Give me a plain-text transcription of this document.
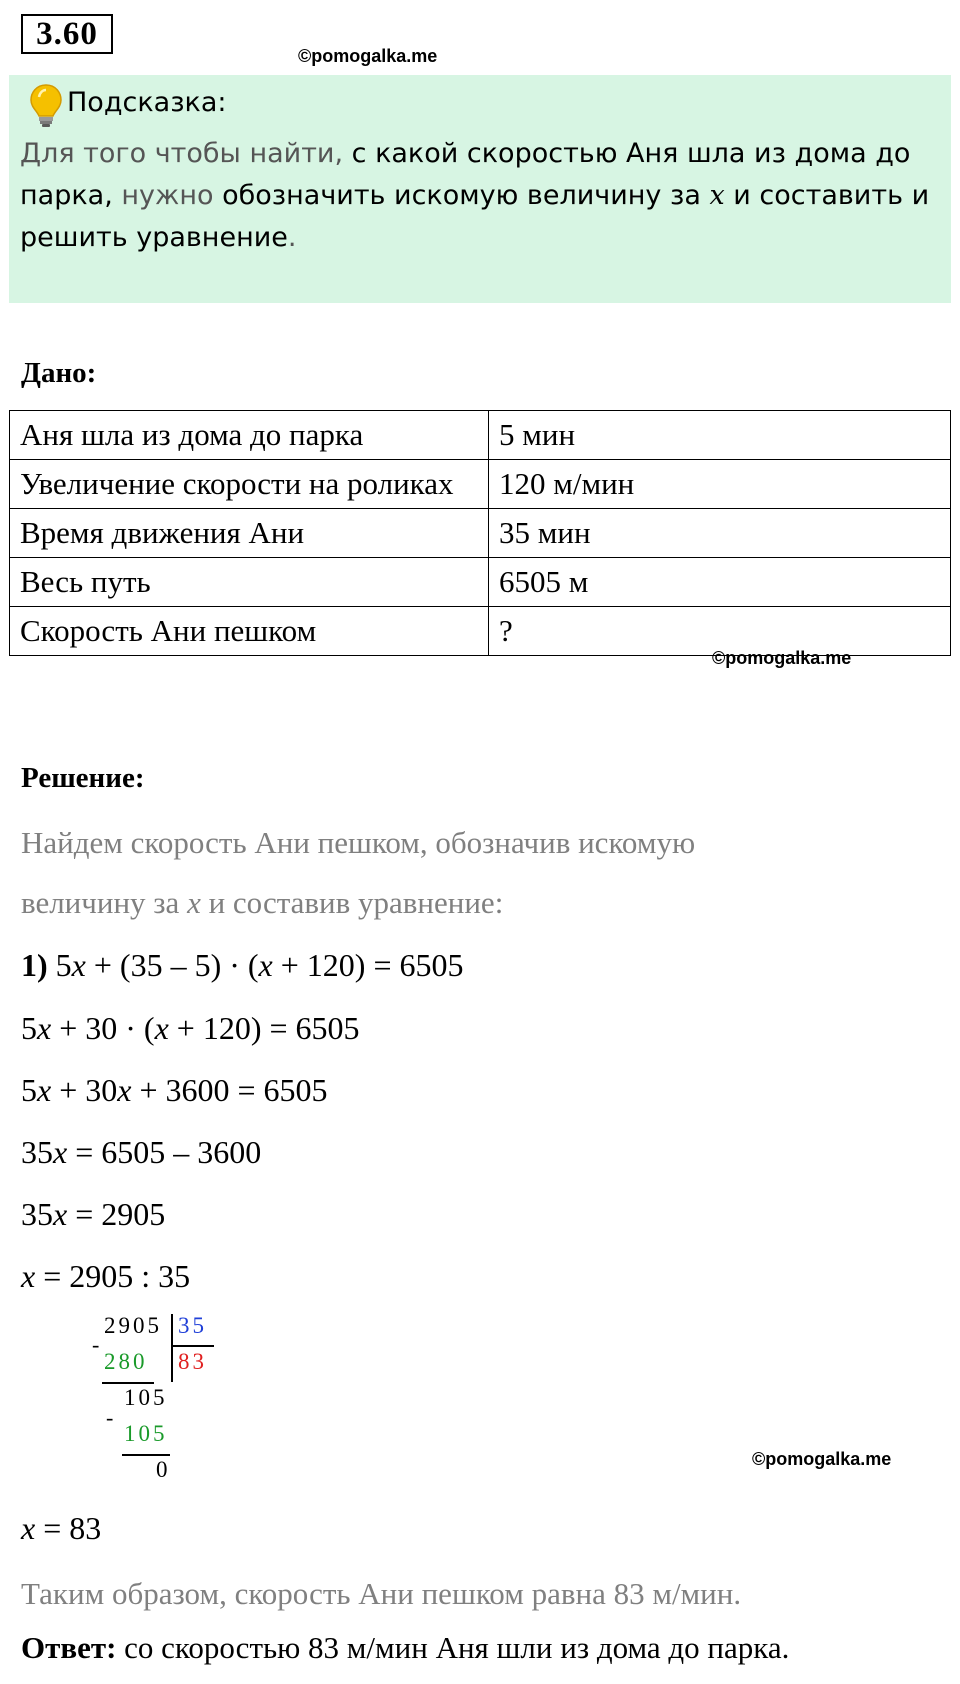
3.60
©pomogalka.me
Подсказка:
Для того чтобы найти, с какой скоростью Аня шла из дома до парка, нужно обозначить искомую величину за x и составить и решить уравнение.
Дано:
Аня шла из дома до парка	5 мин
Увеличение скорости на роликах	120 м/мин
Время движения Ани	35 мин
Весь путь	6505 м
Скорость Ани пешком	?
©pomogalka.me
Решение:
Найдем скорость Ани пешком, обозначив искомую
величину за x и составив уравнение:
1) 5x + (35 – 5) · (x + 120) = 6505
5x + 30 · (x + 120) = 6505
5x + 30x + 3600 = 6505
35x = 6505 – 3600
35x = 2905
x = 2905 : 35
2905 35
-
280 83
105
-
105
0	©pomogalka.me
x = 83
Таким образом, скорость Ани пешком равна 83 м/мин.
Ответ: со скоростью 83 м/мин Аня шли из дома до парка.
